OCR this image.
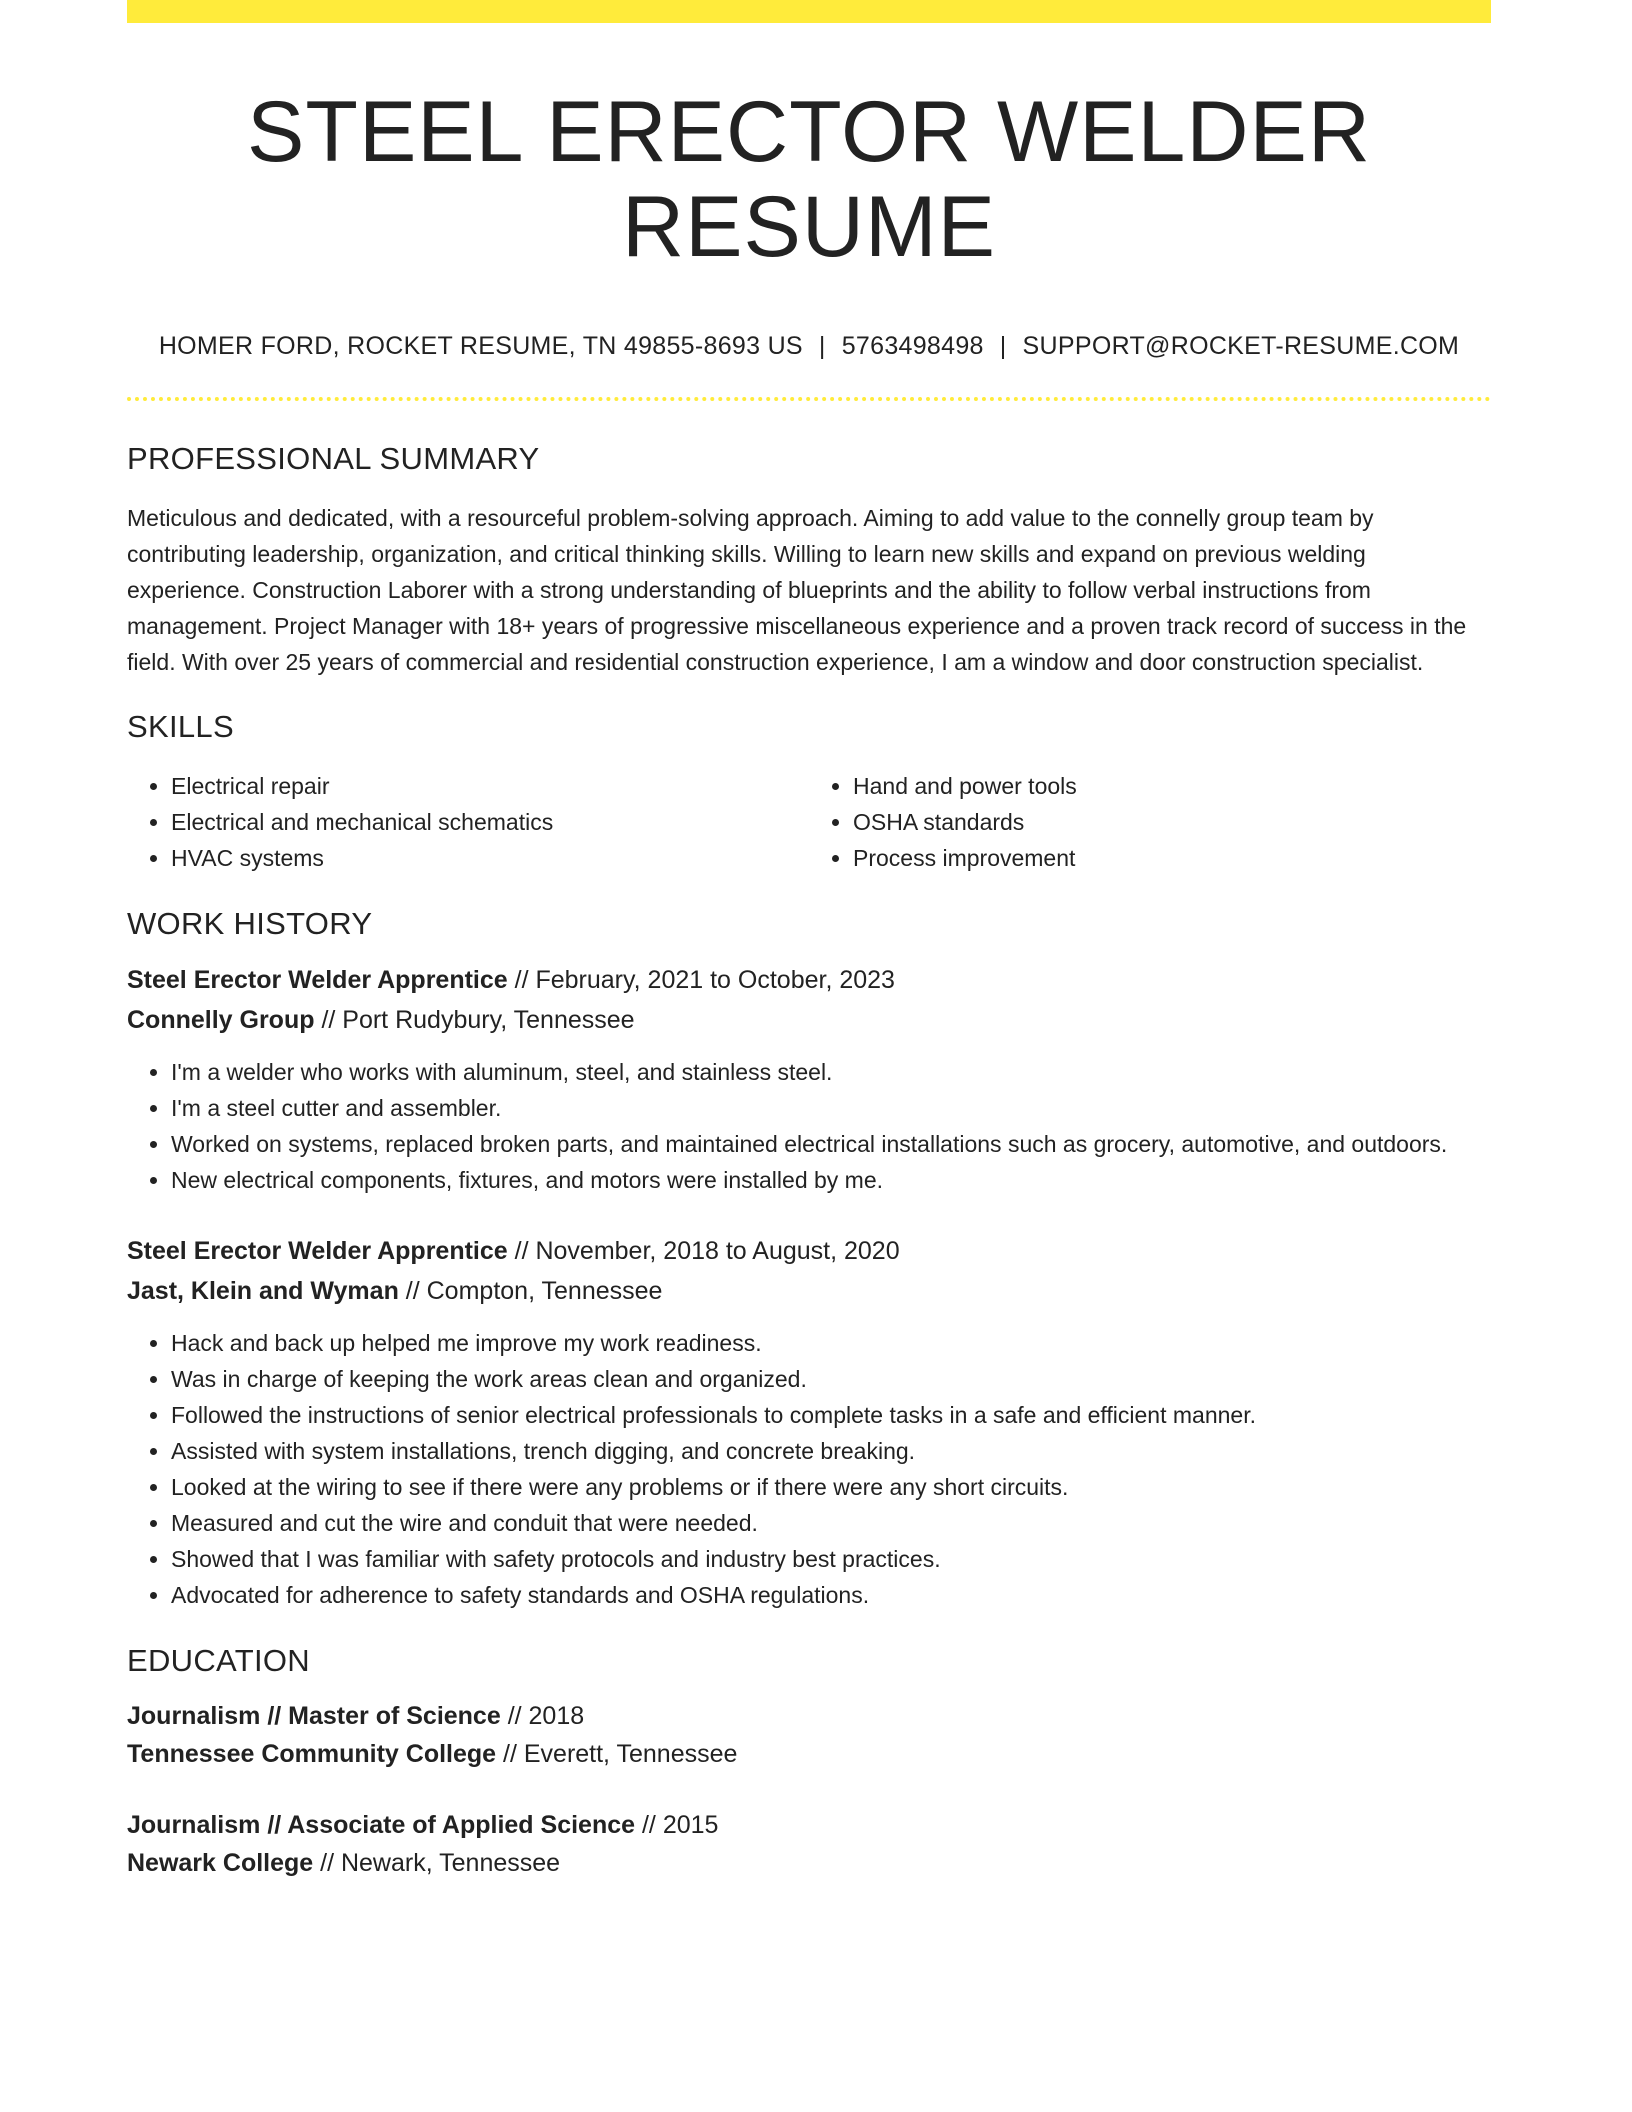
STEEL ERECTOR WELDER RESUME
HOMER FORD, ROCKET RESUME, TN 49855-8693 US | 5763498498 | SUPPORT@ROCKET-RESUME.COM
PROFESSIONAL SUMMARY

Meticulous and dedicated, with a resourceful problem-solving approach. Aiming to add value to the connelly group team by contributing leadership, organization, and critical thinking skills. Willing to learn new skills and expand on previous welding experience. Construction Laborer with a strong understanding of blueprints and the ability to follow verbal instructions from management. Project Manager with 18+ years of progressive miscellaneous experience and a proven track record of success in the field. With over 25 years of commercial and residential construction experience, I am a window and door construction specialist.

SKILLS
• Electrical repair
• Electrical and mechanical schematics
• HVAC systems
• Hand and power tools
• OSHA standards
• Process improvement
WORK HISTORY
Steel Erector Welder Apprentice // February, 2021 to October, 2023
Connelly Group // Port Rudybury, Tennessee
• I'm a welder who works with aluminum, steel, and stainless steel.
• I'm a steel cutter and assembler.
• Worked on systems, replaced broken parts, and maintained electrical installations such as grocery, automotive, and outdoors.
• New electrical components, fixtures, and motors were installed by me.
Steel Erector Welder Apprentice // November, 2018 to August, 2020
Jast, Klein and Wyman // Compton, Tennessee
• Hack and back up helped me improve my work readiness.
• Was in charge of keeping the work areas clean and organized.
• Followed the instructions of senior electrical professionals to complete tasks in a safe and efficient manner.
• Assisted with system installations, trench digging, and concrete breaking.
• Looked at the wiring to see if there were any problems or if there were any short circuits.
• Measured and cut the wire and conduit that were needed.
• Showed that I was familiar with safety protocols and industry best practices.
• Advocated for adherence to safety standards and OSHA regulations.
EDUCATION
Journalism // Master of Science // 2018
Tennessee Community College // Everett, Tennessee
Journalism // Associate of Applied Science // 2015
Newark College // Newark, Tennessee
